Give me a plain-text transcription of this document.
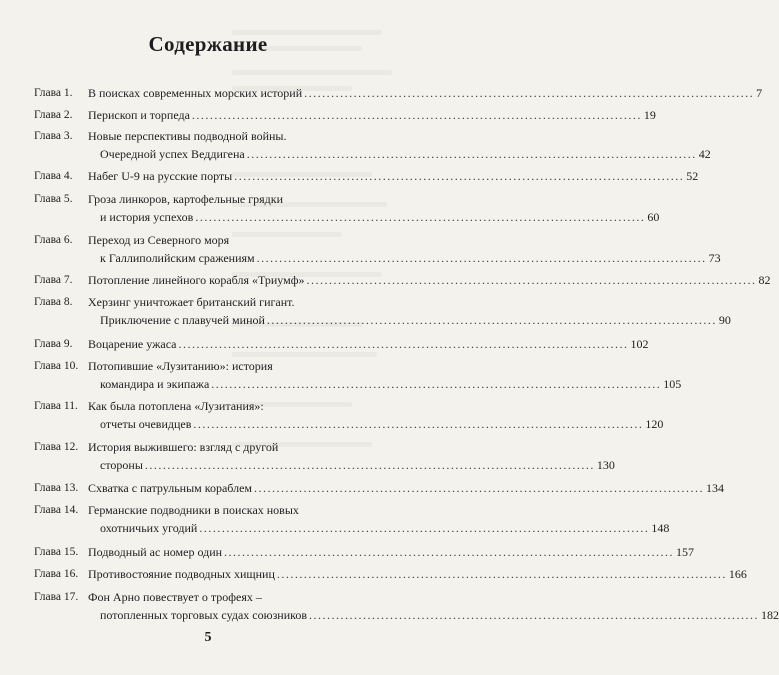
Содержание
Глава 1.	В поисках современных морских историй .................................................................................................... 7
Глава 2.	Перископ и торпеда .................................................................................................... 19
Глава 3.	Новые перспективы подводной войны.
Очередной успех Веддигена .................................................................................................... 42
Глава 4.	Набег U-9 на русские порты .................................................................................................... 52
Глава 5.	Гроза линкоров, картофельные грядки
и история успехов .................................................................................................... 60
Глава 6.	Переход из Северного моря
к Галлиполийским сражениям .................................................................................................... 73
Глава 7.	Потопление линейного корабля «Триумф» .................................................................................................... 82
Глава 8.	Херзинг уничтожает британский гигант.
Приключение с плавучей миной .................................................................................................... 90
Глава 9.	Воцарение ужаса .................................................................................................... 102
Глава 10. Потопившие «Лузитанию»: история
командира и экипажа .................................................................................................... 105
Глава 11. Как была потоплена «Лузитания»:
отчеты очевидцев .................................................................................................... 120
Глава 12. История выжившего: взгляд с другой
стороны .................................................................................................... 130
Глава 13. Схватка с патрульным кораблем .................................................................................................... 134
Глава 14. Германские подводники в поисках новых
охотничьих угодий .................................................................................................... 148
Глава 15. Подводный ас номер один .................................................................................................... 157
Глава 16. Противостояние подводных хищниц .................................................................................................... 166
Глава 17. Фон Арно повествует о трофеях –
потопленных торговых судах союзников .................................................................................................... 182
5
